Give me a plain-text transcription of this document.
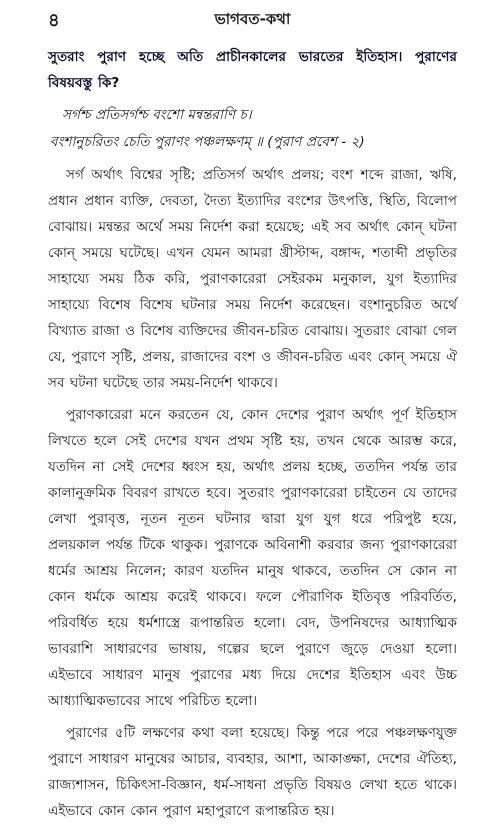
৪	ভাগবত-কথা

সুতরাং পুরাণ হচ্ছে অতি প্রাচীনকালের ভারতের ইতিহাস। পুরাণের বিষয়বস্তু কি?

সর্গশ্চ প্রতিসর্গশ্চ বংশো মন্বন্তরাণি চ।
বংশানুচরিতং চেতি পুরাণং পঞ্চলক্ষণম্‌ ॥ (পুরাণ প্রবেশ - ২)

সর্গ অর্থাৎ বিশ্বের সৃষ্টি; প্রতিসর্গ অর্থাৎ প্রলয়; বংশ শব্দে রাজা, ঋষি, প্রধান প্রধান ব্যক্তি, দেবতা, দৈত্য ইত্যাদির বংশের উৎপত্তি, স্থিতি, বিলোপ বোঝায়। মন্বন্তর অর্থে সময় নির্দেশ করা হয়েছে; এই সব অর্থাৎ কোন্ ঘটনা কোন্ সময়ে ঘটেছে। এখন যেমন আমরা খ্রীস্টাব্দ, বঙ্গাব্দ, শতাব্দী প্রভৃতির সাহায্যে সময় ঠিক করি, পুরাণকারেরা সেইরকম মনুকাল, যুগ ইত্যাদির সাহায্যে বিশেষ বিশেষ ঘটনার সময় নির্দেশ করেছেন। বংশানুচরিত অর্থে বিখ্যাত রাজা ও বিশেষ ব্যক্তিদের জীবন-চরিত বোঝায়। সুতরাং বোঝা গেল যে, পুরাণে সৃষ্টি, প্রলয়, রাজাদের বংশ ও জীবন-চরিত এবং কোন্ সময়ে ঐ সব ঘটনা ঘটেছে তার সময়-নির্দেশ থাকবে।

পুরাণকারেরা মনে করতেন যে, কোন দেশের পুরাণ অর্থাৎ পূর্ণ ইতিহাস লিখতে হলে সেই দেশের যখন প্রথম সৃষ্টি হয়, তখন থেকে আরম্ভ করে, যতদিন না সেই দেশের ধ্বংস হয়, অর্থাৎ প্রলয় হচ্ছে, ততদিন পর্যন্ত তার কালানুক্রমিক বিবরণ রাখতে হবে। সুতরাং পুরাণকারেরা চাইতেন যে তাদের লেখা পুরাবৃত্ত, নূতন নূতন ঘটনার দ্বারা যুগ যুগ ধরে পরিপুষ্ট হয়ে, প্রলয়কাল পর্যন্ত টিকে থাকুক। পুরাণকে অবিনাশী করবার জন্য পুরাণকারেরা ধর্মের আশ্রয় নিলেন; কারণ যতদিন মানুষ থাকবে, ততদিন সে কোন না কোন ধর্মকে আশ্রয় করেই থাকবে। ফলে পৌরাণিক ইতিবৃত্ত পরিবর্তিত, পরিবর্ধিত হয়ে ধর্মশাস্ত্রে রূপান্তরিত হলো। বেদ, উপনিষদের আধ্যাত্মিক ভাবরাশি সাধারণের ভাষায়, গল্পের ছলে পুরাণে জুড়ে দেওয়া হলো। এইভাবে সাধারণ মানুষ পুরাণের মধ্য দিয়ে দেশের ইতিহাস এবং উচ্চ আধ্যাত্মিকভাবের সাথে পরিচিত হলো।

পুরাণের ৫টি লক্ষণের কথা বলা হয়েছে। কিন্তু পরে পরে পঞ্চলক্ষণযুক্ত পুরাণে সাধারণ মানুষের আচার, ব্যবহার, আশা, আকাঙ্ক্ষা, দেশের ঐতিহ্য, রাজ্যশাসন, চিকিৎসা-বিজ্ঞান, ধর্ম-সাধনা প্রভৃতি বিষয়ও লেখা হতে থাকে। এইভাবে কোন কোন পুরাণ মহাপুরাণে রূপান্তরিত হয়।
